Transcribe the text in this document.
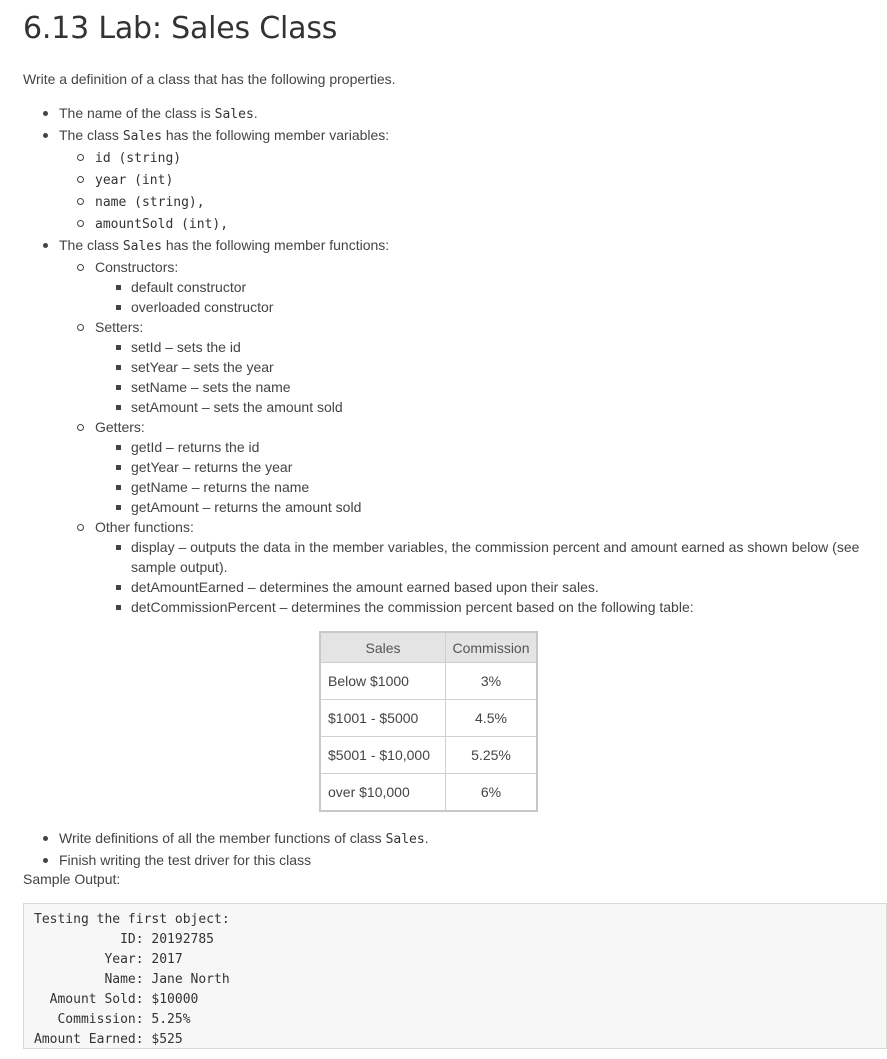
6.13 Lab: Sales Class
Write a definition of a class that has the following properties.
The name of the class is Sales.
The class Sales has the following member variables:
id (string)
year (int)
name (string),
amountSold (int),
The class Sales has the following member functions:
Constructors:
default constructor
overloaded constructor
Setters:
setId – sets the id
setYear – sets the year
setName – sets the name
setAmount – sets the amount sold
Getters:
getId – returns the id
getYear – returns the year
getName – returns the name
getAmount – returns the amount sold
Other functions:
display – outputs the data in the member variables, the commission percent and amount earned as shown below (see sample output).
detAmountEarned – determines the amount earned based upon their sales.
detCommissionPercent – determines the commission percent based on the following table:
Sales	Commission
Below $1000	3%
$1001 - $5000	4.5%
$5001 - $10,000	5.25%
over $10,000	6%
Write definitions of all the member functions of class Sales.
Finish writing the test driver for this class
Sample Output:
Testing the first object:
ID: 20192785
Year: 2017
Name: Jane North
Amount Sold: $10000
Commission: 5.25%
Amount Earned: $525
